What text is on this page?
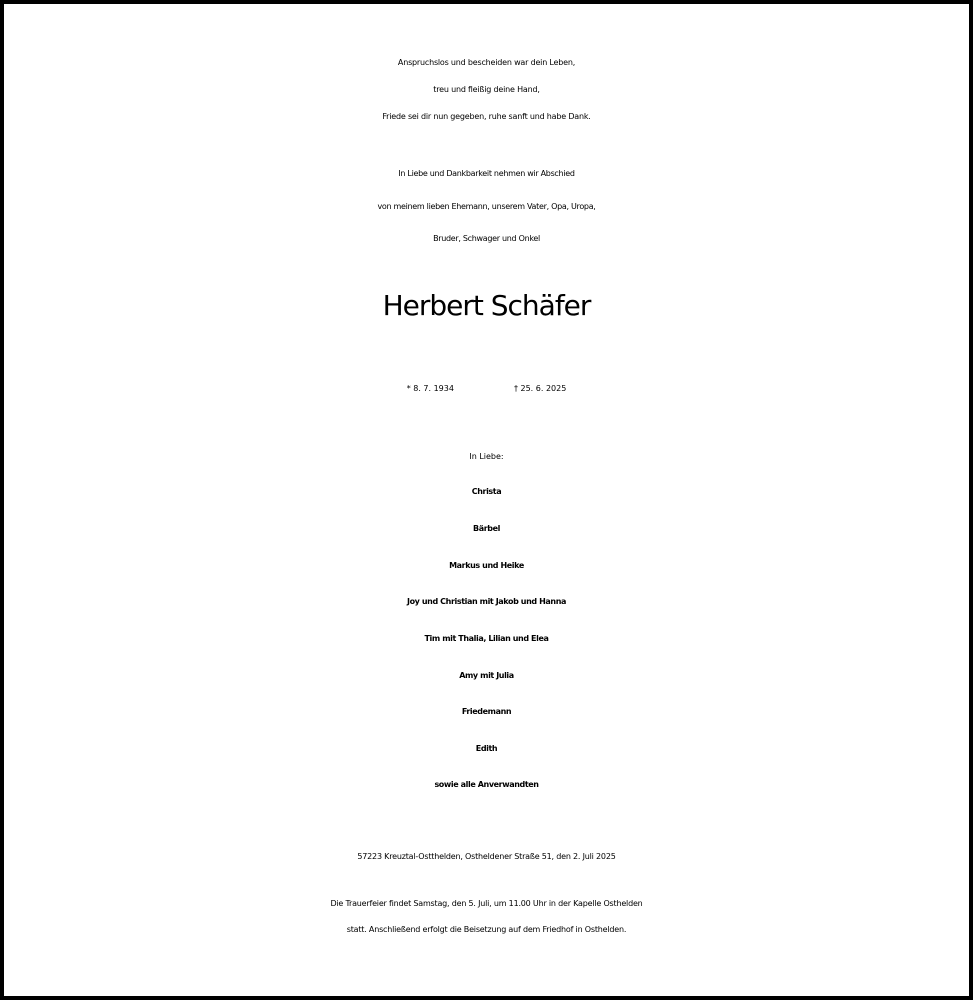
Anspruchslos und bescheiden war dein Leben,
treu und fleißig deine Hand,
Friede sei dir nun gegeben, ruhe sanft und habe Dank.
In Liebe und Dankbarkeit nehmen wir Abschied
von meinem lieben Ehemann, unserem Vater, Opa, Uropa,
Bruder, Schwager und Onkel
Herbert Schäfer
* 8. 7. 1934	† 25. 6. 2025
In Liebe:
Christa
Bärbel
Markus und Heike
Joy und Christian mit Jakob und Hanna
Tim mit Thalia, Lilian und Elea
Amy mit Julia
Friedemann
Edith
sowie alle Anverwandten
57223 Kreuztal-Ostthelden, Ostheldener Straße 51, den 2. Juli 2025
Die Trauerfeier findet Samstag, den 5. Juli, um 11.00 Uhr in der Kapelle Osthelden
statt. Anschließend erfolgt die Beisetzung auf dem Friedhof in Osthelden.
